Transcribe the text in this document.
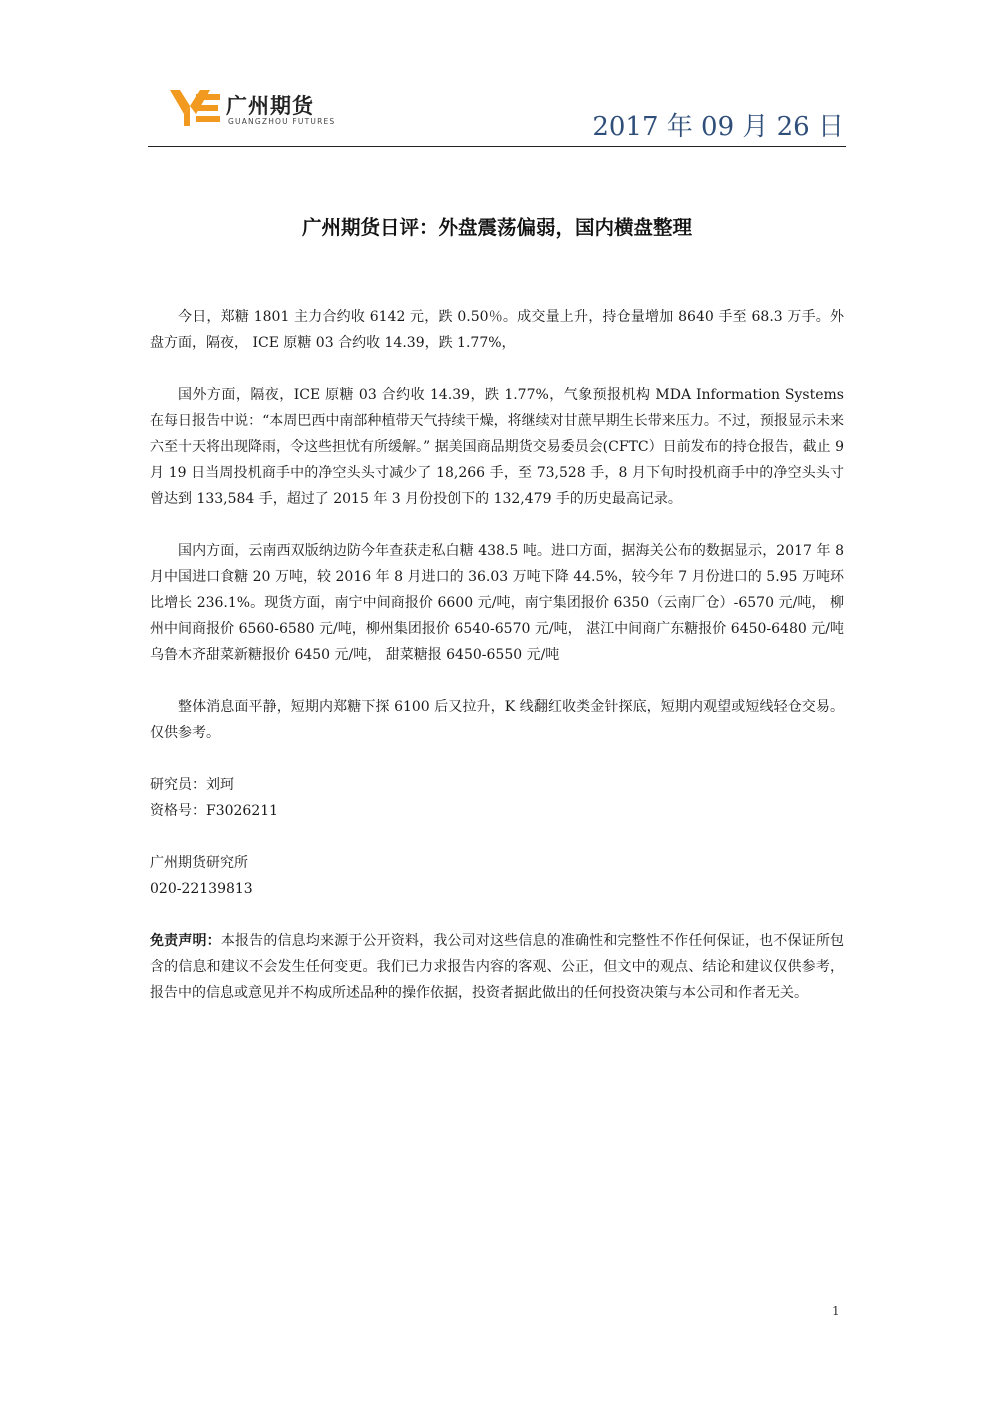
广州期货
GUANGZHOU FUTURES	2017 年 09 月 26 日
广州期货日评：外盘震荡偏弱，国内横盘整理

今日，郑糖 1801 主力合约收 6142 元，跌 0.50％。成交量上升，持仓量增加 8640 手至 68.3 万手。外盘方面，隔夜， ICE 原糖 03 合约收 14.39，跌 1.77%，

国外方面，隔夜，ICE 原糖 03 合约收 14.39，跌 1.77%，气象预报机构 MDA Information Systems 在每日报告中说：“本周巴西中南部种植带天气持续干燥，将继续对甘蔗早期生长带来压力。不过，预报显示未来六至十天将出现降雨，令这些担忧有所缓解。” 据美国商品期货交易委员会(CFTC）日前发布的持仓报告，截止 9 月 19 日当周投机商手中的净空头头寸减少了 18,266 手，至 73,528 手，8 月下旬时投机商手中的净空头头寸曾达到 133,584 手，超过了 2015 年 3 月份投创下的 132,479 手的历史最高记录。

国内方面，云南西双版纳边防今年查获走私白糖 438.5 吨。进口方面，据海关公布的数据显示，2017 年 8 月中国进口食糖 20 万吨，较 2016 年 8 月进口的 36.03 万吨下降 44.5%，较今年 7 月份进口的 5.95 万吨环比增长 236.1%。现货方面，南宁中间商报价 6600 元/吨，南宁集团报价 6350（云南厂仓）-6570 元/吨， 柳州中间商报价 6560-6580 元/吨，柳州集团报价 6540-6570 元/吨， 湛江中间商广东糖报价 6450-6480 元/吨 乌鲁木齐甜菜新糖报价 6450 元/吨， 甜菜糖报 6450-6550 元/吨

整体消息面平静，短期内郑糖下探 6100 后又拉升，K 线翻红收类金针探底，短期内观望或短线轻仓交易。仅供参考。

研究员：刘珂

资格号：F3026211

广州期货研究所

020-22139813

免责声明：本报告的信息均来源于公开资料，我公司对这些信息的准确性和完整性不作任何保证，也不保证所包含的信息和建议不会发生任何变更。我们已力求报告内容的客观、公正，但文中的观点、结论和建议仅供参考，报告中的信息或意见并不构成所述品种的操作依据，投资者据此做出的任何投资决策与本公司和作者无关。

1
